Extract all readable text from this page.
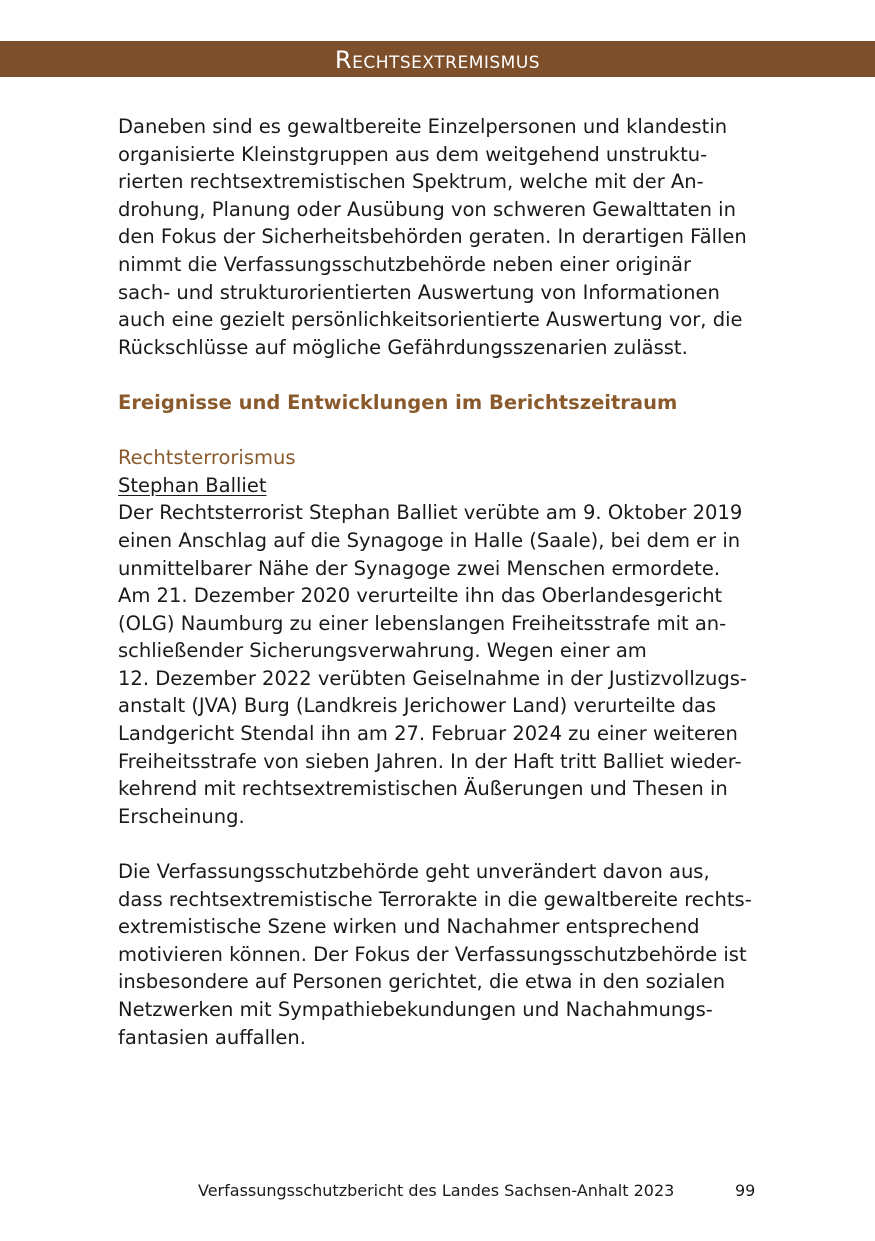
Rechtsextremismus

Daneben sind es gewaltbereite Einzelpersonen und klandestin
organisierte Kleinstgruppen aus dem weitgehend unstruktu-
rierten rechtsextremistischen Spektrum, welche mit der An-
drohung, Planung oder Ausübung von schweren Gewalttaten in
den Fokus der Sicherheitsbehörden geraten. In derartigen Fällen
nimmt die Verfassungsschutzbehörde neben einer originär
sach- und strukturorientierten Auswertung von Informationen
auch eine gezielt persönlichkeitsorientierte Auswertung vor, die
Rückschlüsse auf mögliche Gefährdungsszenarien zulässt.

Ereignisse und Entwicklungen im Berichtszeitraum

Rechtsterrorismus

Stephan Balliet

Der Rechtsterrorist Stephan Balliet verübte am 9. Oktober 2019
einen Anschlag auf die Synagoge in Halle (Saale), bei dem er in
unmittelbarer Nähe der Synagoge zwei Menschen ermordete.
Am 21. Dezember 2020 verurteilte ihn das Oberlandesgericht
(OLG) Naumburg zu einer lebenslangen Freiheitsstrafe mit an-
schließender Sicherungsverwahrung. Wegen einer am
12. Dezember 2022 verübten Geiselnahme in der Justizvollzugs-
anstalt (JVA) Burg (Landkreis Jerichower Land) verurteilte das
Landgericht Stendal ihn am 27. Februar 2024 zu einer weiteren
Freiheitsstrafe von sieben Jahren. In der Haft tritt Balliet wieder-
kehrend mit rechtsextremistischen Äußerungen und Thesen in
Erscheinung.

Die Verfassungsschutzbehörde geht unverändert davon aus,
dass rechtsextremistische Terrorakte in die gewaltbereite rechts-
extremistische Szene wirken und Nachahmer entsprechend
motivieren können. Der Fokus der Verfassungsschutzbehörde ist
insbesondere auf Personen gerichtet, die etwa in den sozialen
Netzwerken mit Sympathiebekundungen und Nachahmungs-
fantasien auffallen.

Verfassungsschutzbericht des Landes Sachsen-Anhalt 2023	99
